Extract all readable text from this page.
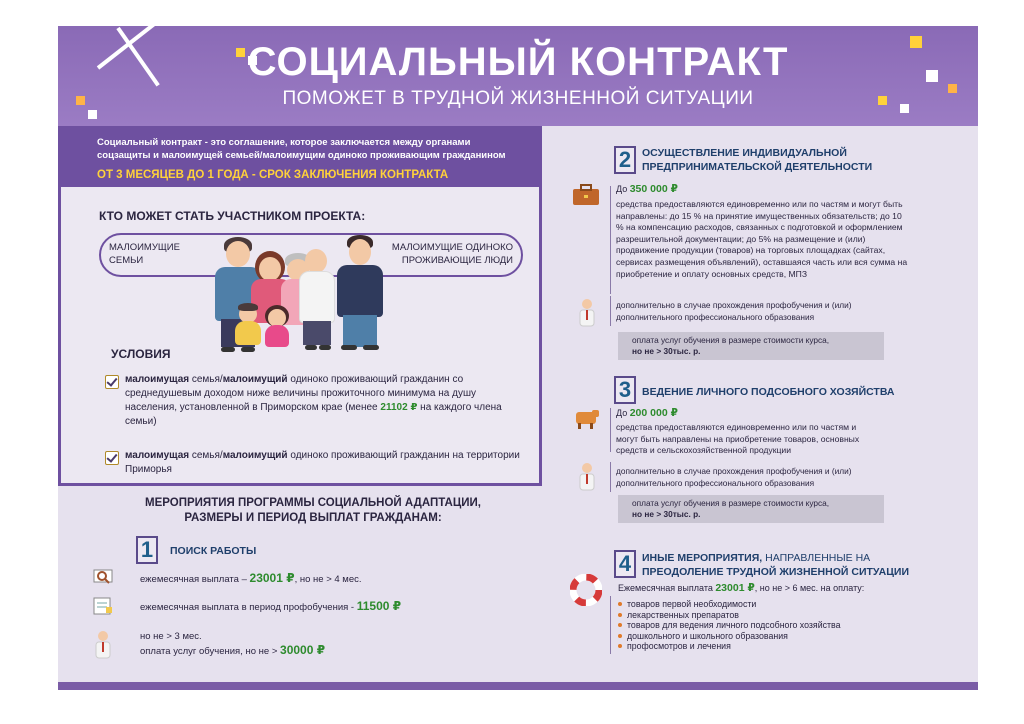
СОЦИАЛЬНЫЙ КОНТРАКТ
ПОМОЖЕТ В ТРУДНОЙ ЖИЗНЕННОЙ СИТУАЦИИ
Социальный контракт - это соглашение, которое заключается между органами соцзащиты и малоимущей семьей/малоимущим одиноко проживающим гражданином
ОТ 3 МЕСЯЦЕВ ДО 1 ГОДА - СРОК ЗАКЛЮЧЕНИЯ КОНТРАКТА
КТО МОЖЕТ СТАТЬ УЧАСТНИКОМ ПРОЕКТА:
МАЛОИМУЩИЕ
СЕМЬИ
МАЛОИМУЩИЕ ОДИНОКО
ПРОЖИВАЮЩИЕ ЛЮДИ
УСЛОВИЯ
малоимущая семья/малоимущий одиноко проживающий гражданин со среднедушевым доходом ниже величины прожиточного минимума на душу населения, установленной в Приморском крае (менее 21102 ₽ на каждого члена семьи)
малоимущая семья/малоимущий одиноко проживающий гражданин на территории Приморья
МЕРОПРИЯТИЯ ПРОГРАММЫ СОЦИАЛЬНОЙ АДАПТАЦИИ,
РАЗМЕРЫ И ПЕРИОД ВЫПЛАТ ГРАЖДАНАМ:
1	ПОИСК РАБОТЫ
ежемесячная выплата – 23001 ₽, но не > 4 мес.
ежемесячная выплата в период профобучения - 11500 ₽
но не > 3 мес.
оплата услуг обучения, но не > 30000 ₽
2	ОСУЩЕСТВЛЕНИЕ ИНДИВИДУАЛЬНОЙ
ПРЕДПРИНИМАТЕЛЬСКОЙ ДЕЯТЕЛЬНОСТИ
До 350 000 ₽
средства предоставляются единовременно или по частям и могут быть направлены: до 15 % на принятие имущественных обязательств; до 10 % на компенсацию расходов, связанных с подготовкой и оформлением разрешительной документации; до 5% на размещение и (или) продвижение продукции (товаров) на торговых площадках (сайтах, сервисах размещения объявлений), оставшаяся часть или вся сумма на приобретение и оплату основных средств, МПЗ
дополнительно в случае прохождения профобучения и (или) дополнительного профессионального образования
оплата услуг обучения в размере стоимости курса,
но не > 30тыс. р.
3	ВЕДЕНИЕ ЛИЧНОГО ПОДСОБНОГО ХОЗЯЙСТВА
До 200 000 ₽
средства предоставляются единовременно или по частям и могут быть направлены на приобретение товаров, основных средств и сельскохозяйственной продукции
дополнительно в случае прохождения профобучения и (или) дополнительного профессионального образования
оплата услуг обучения в размере стоимости курса,
но не > 30тыс. р.
4	ИНЫЕ МЕРОПРИЯТИЯ, НАПРАВЛЕННЫЕ НА
ПРЕОДОЛЕНИЕ ТРУДНОЙ ЖИЗНЕННОЙ СИТУАЦИИ
Ежемесячная выплата 23001 ₽, но не > 6 мес. на оплату:
товаров первой необходимости
лекарственных препаратов
товаров для ведения личного подсобного хозяйства
дошкольного и школьного образования
профосмотров и лечения
